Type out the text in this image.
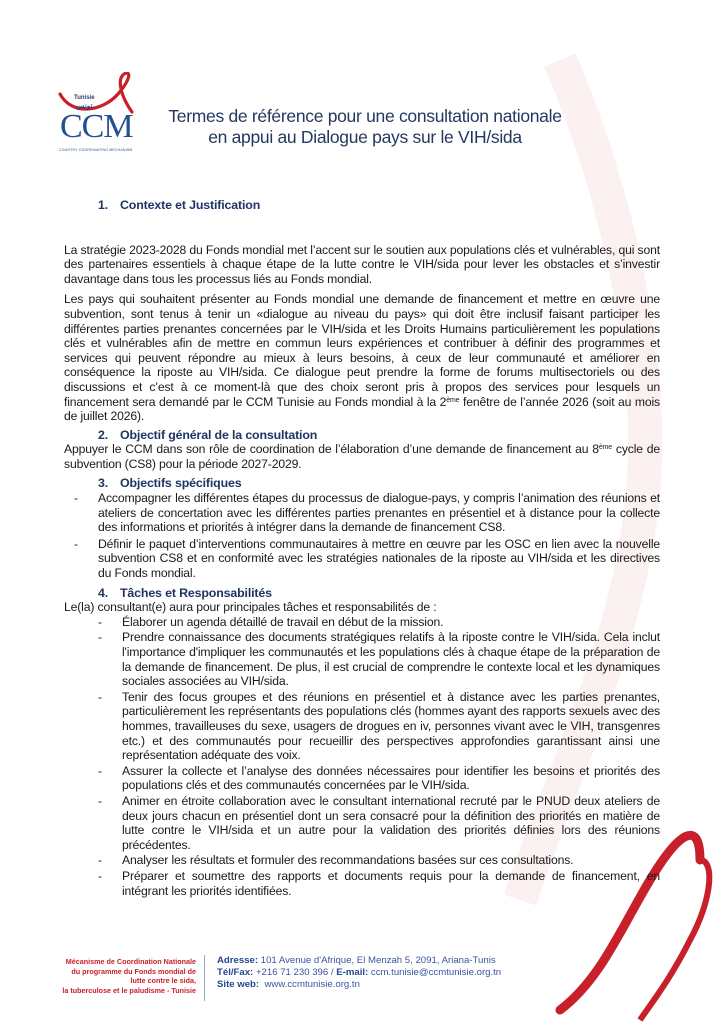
Tunisie
تونس
CCM
COUNTRY COORDINATING MECHANISM
Termes de référence pour une consultation nationale
en appui au Dialogue pays sur le VIH/sida
1. Contexte et Justification

La stratégie 2023-2028 du Fonds mondial met l’accent sur le soutien aux populations clés et vulnérables, qui sont des partenaires essentiels à chaque étape de la lutte contre le VIH/sida pour lever les obstacles et s’investir davantage dans tous les processus liés au Fonds mondial.

Les pays qui souhaitent présenter au Fonds mondial une demande de financement et mettre en œuvre une subvention, sont tenus à tenir un «dialogue au niveau du pays» qui doit être inclusif faisant participer les différentes parties prenantes concernées par le VIH/sida et les Droits Humains particulièrement les populations clés et vulnérables afin de mettre en commun leurs expériences et contribuer à définir des programmes et services qui peuvent répondre au mieux à leurs besoins, à ceux de leur communauté et améliorer en conséquence la riposte au VIH/sida. Ce dialogue peut prendre la forme de forums multisectoriels ou des discussions et c’est à ce moment-là que des choix seront pris à propos des services pour lesquels un financement sera demandé par le CCM Tunisie au Fonds mondial à la 2ème fenêtre de l’année 2026 (soit au mois de juillet 2026).

2. Objectif général de la consultation

Appuyer le CCM dans son rôle de coordination de l’élaboration d’une demande de financement au 8ème cycle de subvention (CS8) pour la période 2027-2029.

3. Objectifs spécifiques
- Accompagner les différentes étapes du processus de dialogue-pays, y compris l’animation des réunions et ateliers de concertation avec les différentes parties prenantes en présentiel et à distance pour la collecte des informations et priorités à intégrer dans la demande de financement CS8.
- Définir le paquet d’interventions communautaires à mettre en œuvre par les OSC en lien avec la nouvelle subvention CS8 et en conformité avec les stratégies nationales de la riposte au VIH/sida et les directives du Fonds mondial.
4. Tâches et Responsabilités

Le(la) consultant(e) aura pour principales tâches et responsabilités de :

- Élaborer un agenda détaillé de travail en début de la mission.
- Prendre connaissance des documents stratégiques relatifs à la riposte contre le VIH/sida. Cela inclut l'importance d'impliquer les communautés et les populations clés à chaque étape de la préparation de la demande de financement. De plus, il est crucial de comprendre le contexte local et les dynamiques sociales associées au VIH/sida.
- Tenir des focus groupes et des réunions en présentiel et à distance avec les parties prenantes, particulièrement les représentants des populations clés (hommes ayant des rapports sexuels avec des hommes, travailleuses du sexe, usagers de drogues en iv, personnes vivant avec le VIH, transgenres etc.) et des communautés pour recueillir des perspectives approfondies garantissant ainsi une représentation adéquate des voix.
- Assurer la collecte et l’analyse des données nécessaires pour identifier les besoins et priorités des populations clés et des communautés concernées par le VIH/sida.
- Animer en étroite collaboration avec le consultant international recruté par le PNUD deux ateliers de deux jours chacun en présentiel dont un sera consacré pour la définition des priorités en matière de lutte contre le VIH/sida et un autre pour la validation des priorités définies lors des réunions précédentes.
- Analyser les résultats et formuler des recommandations basées sur ces consultations.
- Préparer et soumettre des rapports et documents requis pour la demande de financement, en intégrant les priorités identifiées.
Mécanisme de Coordination Nationale
du programme du Fonds mondial de
lutte contre le sida,
la tuberculose et le paludisme - Tunisie
Adresse: 101 Avenue d'Afrique, El Menzah 5, 2091, Ariana-Tunis
Tél/Fax: +216 71 230 396 / E-mail: ccm.tunisie@ccmtunisie.org.tn
Site web: www.ccmtunisie.org.tn
